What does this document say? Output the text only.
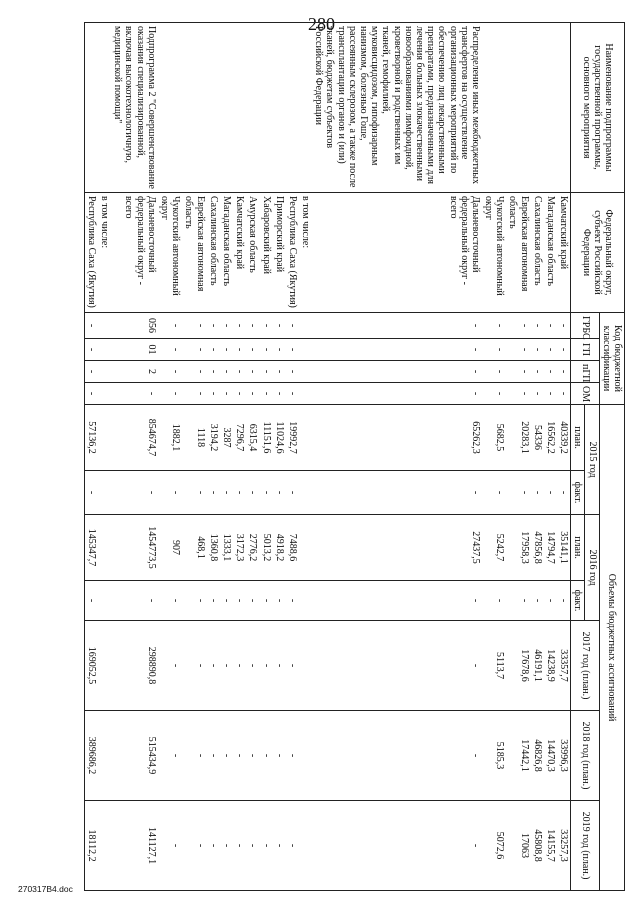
280
Наименование подпрограммы государственной программы, основного мероприятия	Федеральный округ, субъект Российской Федерации	Код бюджетной классификации				Объемы бюджетных ассигнований						
		ГРБС	ГП	пГП	ОМ	2015 год		2016 год		2017 год (план.)	2018 год (план.)	2019 год (план.)
						план.	факт.	план.	факт.			
	Камчатский край	-	-	-	-	40339,2	-	35141,1	-	33357,7	33996,3	33257,3
	Магаданская область	-	-	-	-	16562,2	-	14794,7	-	14238,9	14470,3	14155,7
	Сахалинская область	-	-	-	-	54336	-	47856,8	-	46191,1	46826,8	45808,8
	Еврейская автономная область	-	-	-	-	20283,1	-	17958,3	-	17678,6	17442,1	17063
	Чукотский автономный округ	-	-	-	-	5682,5	-	5242,7	-	5113,7	5185,3	5072,6
Распределение иных межбюджетных трансфертов на осуществление организационных мероприятий по обеспечению лиц лекарственными препаратами, предназначенными для лечения больных злокачественными новообразованиями лимфоидной, кроветворной и родственных им тканей, гемофилией, муковисцидозом, гипофизарным нанизмом, болезнью Гоше, рассеянным склерозом, а также после трансплантации органов и (или) тканей, бюджетам субъектов Российской Федерации	Дальневосточный федеральный округ - всего	-	-	-	-	65262,3	-	27437,5	-	-	-	-
	в том числе:											
	Республика Саха (Якутия)	-	-	-	-	19992,7	-	7488,6	-	-	-	-
	Приморский край	-	-	-	-	11024,6	-	4918,2	-	-	-	-
	Хабаровский край	-	-	-	-	11151,6	-	5013,2	-	-	-	-
	Амурская область	-	-	-	-	6315,4	-	2776,2	-	-	-	-
	Камчатский край	-	-	-	-	7296,7	-	3172,3	-	-	-	-
	Магаданская область	-	-	-	-	3287	-	1333,1	-	-	-	-
	Сахалинская область	-	-	-	-	3194,2	-	1360,8	-	-	-	-
	Еврейская автономная область	-	-	-	-	1118	-	468,1	-	-	-	-
	Чукотский автономный округ	-	-	-	-	1882,1	-	907	-	-	-	-
Подпрограмма 2 "Совершенствование оказания специализированной, включая высокотехнологичную, медицинской помощи"	Дальневосточный федеральный округ - всего	056	01	2	-	854674,7	-	1454773,5	-	298890,8	515434,9	141127,1
	в том числе:											
	Республика Саха (Якутия)	-	-	-	-	57136,2	-	145347,7	-	169052,5	389686,2	18112,2
270317B4.doc
